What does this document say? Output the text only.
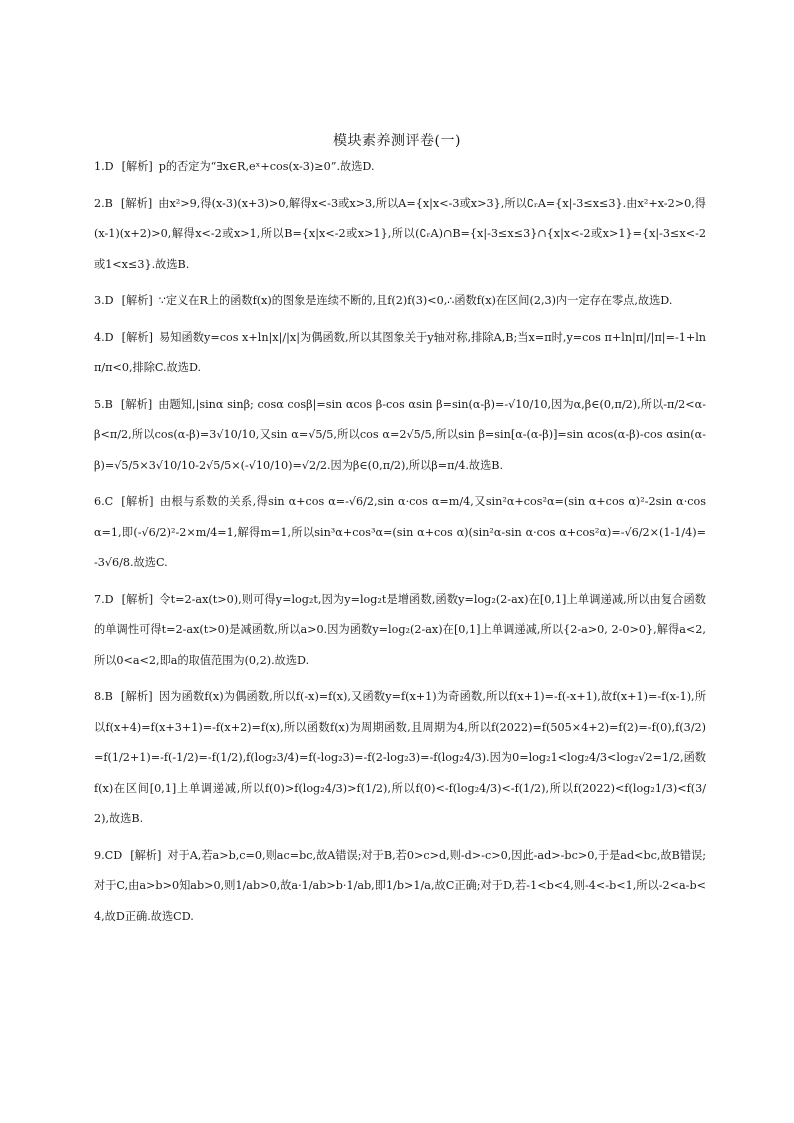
模块素养测评卷(一)

1.D [解析] p的否定为“∃x∈R,eˣ+cos(x-3)≥0”.故选D.

2.B [解析] 由x²>9,得(x-3)(x+3)>0,解得x<-3或x>3,所以A={x|x<-3或x>3},所以∁ᵣA={x|-3≤x≤3}.由x²+x-2>0,得(x-1)(x+2)>0,解得x<-2或x>1,所以B={x|x<-2或x>1},所以(∁ᵣA)∩B={x|-3≤x≤3}∩{x|x<-2或x>1}={x|-3≤x<-2或1<x≤3}.故选B.

3.D [解析] ∵定义在R上的函数f(x)的图象是连续不断的,且f(2)f(3)<0,∴函数f(x)在区间(2,3)内一定存在零点,故选D.

4.D [解析] 易知函数y=cos x+ln|x|/|x|为偶函数,所以其图象关于y轴对称,排除A,B;当x=π时,y=cos π+ln|π|/|π|=-1+lnπ/π<0,排除C.故选D.

5.B [解析] 由题知,|sinα sinβ; cosα cosβ|=sin αcos β-cos αsin β=sin(α-β)=-√10/10,因为α,β∈(0,π/2),所以-π/2<α-β<π/2,所以cos(α-β)=3√10/10,又sin α=√5/5,所以cos α=2√5/5,所以sin β=sin[α-(α-β)]=sin αcos(α-β)-cos αsin(α-β)=√5/5×3√10/10-2√5/5×(-√10/10)=√2/2.因为β∈(0,π/2),所以β=π/4.故选B.

6.C [解析] 由根与系数的关系,得sin α+cos α=-√6/2,sin α·cos α=m/4,又sin²α+cos²α=(sin α+cos α)²-2sin α·cos α=1,即(-√6/2)²-2×m/4=1,解得m=1,所以sin³α+cos³α=(sin α+cos α)(sin²α-sin α·cos α+cos²α)=-√6/2×(1-1/4)=-3√6/8.故选C.

7.D [解析] 令t=2-ax(t>0),则可得y=log₂t,因为y=log₂t是增函数,函数y=log₂(2-ax)在[0,1]上单调递减,所以由复合函数的单调性可得t=2-ax(t>0)是减函数,所以a>0.因为函数y=log₂(2-ax)在[0,1]上单调递减,所以{2-a>0, 2-0>0},解得a<2,所以0<a<2,即a的取值范围为(0,2).故选D.

8.B [解析] 因为函数f(x)为偶函数,所以f(-x)=f(x),又函数y=f(x+1)为奇函数,所以f(x+1)=-f(-x+1),故f(x+1)=-f(x-1),所以f(x+4)=f(x+3+1)=-f(x+2)=f(x),所以函数f(x)为周期函数,且周期为4,所以f(2022)=f(505×4+2)=f(2)=-f(0),f(3/2)=f(1/2+1)=-f(-1/2)=-f(1/2),f(log₂3/4)=f(-log₂3)=-f(2-log₂3)=-f(log₂4/3).因为0=log₂1<log₂4/3<log₂√2=1/2,函数f(x)在区间[0,1]上单调递减,所以f(0)>f(log₂4/3)>f(1/2),所以f(0)<-f(log₂4/3)<-f(1/2),所以f(2022)<f(log₂1/3)<f(3/2),故选B.

9.CD [解析] 对于A,若a>b,c=0,则ac=bc,故A错误;对于B,若0>c>d,则-d>-c>0,因此-ad>-bc>0,于是ad<bc,故B错误;对于C,由a>b>0知ab>0,则1/ab>0,故a·1/ab>b·1/ab,即1/b>1/a,故C正确;对于D,若-1<b<4,则-4<-b<1,所以-2<a-b<4,故D正确.故选CD.
